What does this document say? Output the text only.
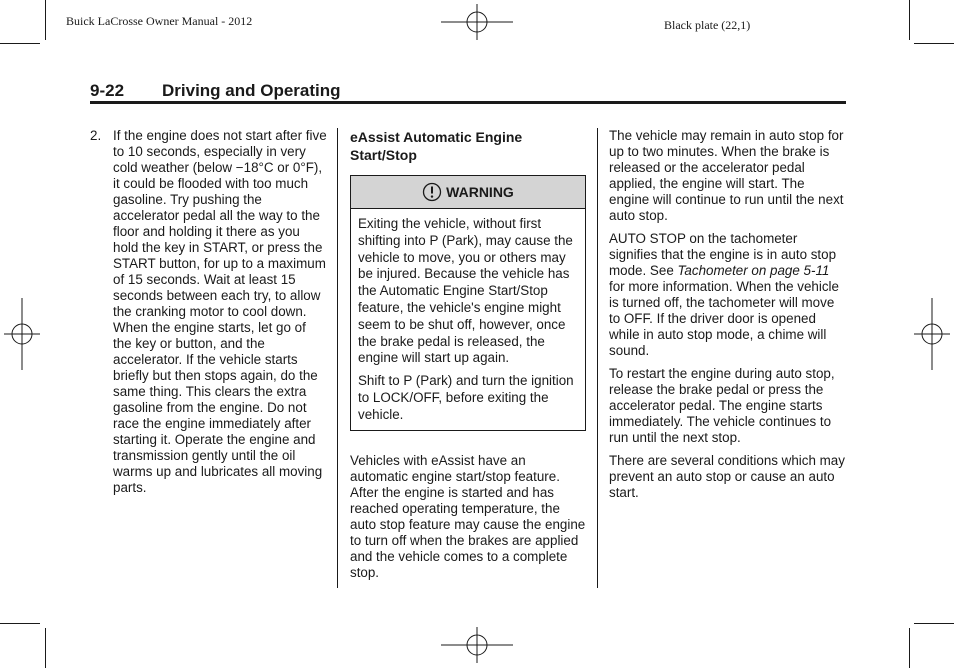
Buick LaCrosse Owner Manual - 2012	Black plate (22,1)
9-22 Driving and Operating
2. If the engine does not start after five to 10 seconds, especially in very cold weather (below −18°C or 0°F), it could be flooded with too much gasoline. Try pushing the accelerator pedal all the way to the floor and holding it there as you hold the key in START, or press the START button, for up to a maximum of 15 seconds. Wait at least 15 seconds between each try, to allow the cranking motor to cool down. When the engine starts, let go of the key or button, and the accelerator. If the vehicle starts briefly but then stops again, do the same thing. This clears the extra gasoline from the engine. Do not race the engine immediately after starting it. Operate the engine and transmission gently until the oil warms up and lubricates all moving parts.
eAssist Automatic Engine Start/Stop
WARNING

Exiting the vehicle, without first shifting into P (Park), may cause the vehicle to move, you or others may be injured. Because the vehicle has the Automatic Engine Start/Stop feature, the vehicle's engine might seem to be shut off, however, once the brake pedal is released, the engine will start up again.

Shift to P (Park) and turn the ignition to LOCK/OFF, before exiting the vehicle.

Vehicles with eAssist have an automatic engine start/stop feature. After the engine is started and has reached operating temperature, the auto stop feature may cause the engine to turn off when the brakes are applied and the vehicle comes to a complete stop.

The vehicle may remain in auto stop for up to two minutes. When the brake is released or the accelerator pedal applied, the engine will start. The engine will continue to run until the next auto stop.

AUTO STOP on the tachometer signifies that the engine is in auto stop mode. See Tachometer on page 5-11 for more information. When the vehicle is turned off, the tachometer will move to OFF. If the driver door is opened while in auto stop mode, a chime will sound.

To restart the engine during auto stop, release the brake pedal or press the accelerator pedal. The engine starts immediately. The vehicle continues to run until the next stop.

There are several conditions which may prevent an auto stop or cause an auto start.
